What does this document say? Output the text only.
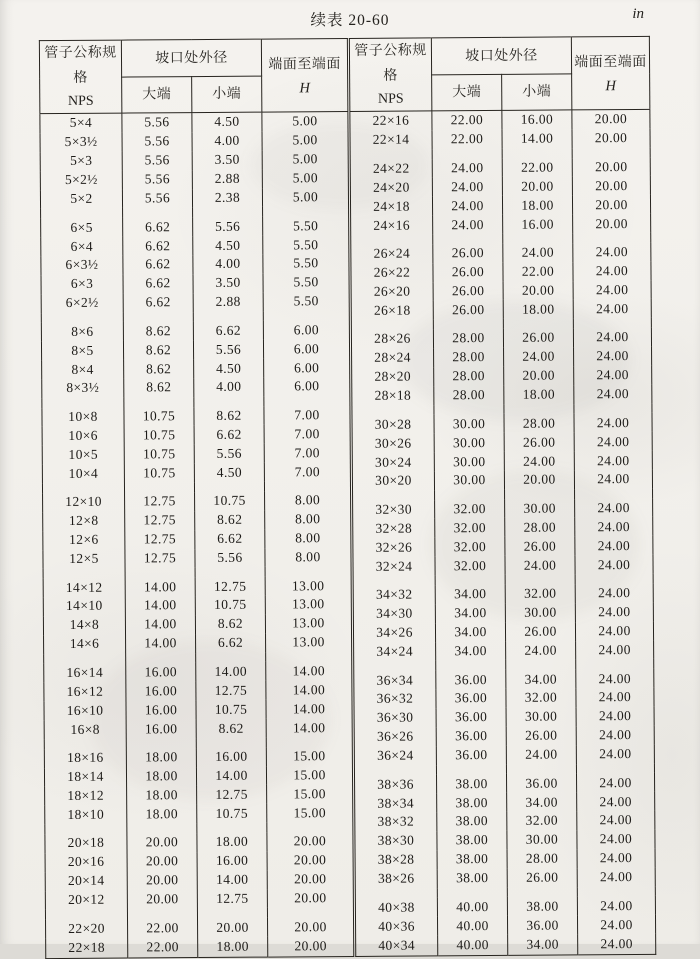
续表 20-60	in
管子公称规格
NPS

坡口处外径	端面至端面
H

	大端	小端	

5×4	5.56	4.50	5.00
5×3½	5.56	4.00	5.00
5×3	5.56	3.50	5.00
5×2½	5.56	2.88	5.00
5×2	5.56	2.38	5.00

6×5	6.62	5.56	5.50
6×4	6.62	4.50	5.50
6×3½	6.62	4.00	5.50
6×3	6.62	3.50	5.50
6×2½	6.62	2.88	5.50

8×6	8.62	6.62	6.00
8×5	8.62	5.56	6.00
8×4	8.62	4.50	6.00
8×3½	8.62	4.00	6.00

10×8	10.75	8.62	7.00
10×6	10.75	6.62	7.00
10×5	10.75	5.56	7.00
10×4	10.75	4.50	7.00

12×10	12.75	10.75	8.00
12×8	12.75	8.62	8.00
12×6	12.75	6.62	8.00
12×5	12.75	5.56	8.00

14×12	14.00	12.75	13.00
14×10	14.00	10.75	13.00
14×8	14.00	8.62	13.00
14×6	14.00	6.62	13.00

16×14	16.00	14.00	14.00
16×12	16.00	12.75	14.00
16×10	16.00	10.75	14.00
16×8	16.00	8.62	14.00

18×16	18.00	16.00	15.00
18×14	18.00	14.00	15.00
18×12	18.00	12.75	15.00
18×10	18.00	10.75	15.00

20×18	20.00	18.00	20.00
20×16	20.00	16.00	20.00
20×14	20.00	14.00	20.00
20×12	20.00	12.75	20.00

22×20	22.00	20.00	20.00
22×18	22.00	18.00	20.00
管子公称规格
NPS

坡口处外径	端面至端面
H

	大端	小端	

22×16	22.00	16.00	20.00
22×14	22.00	14.00	20.00

24×22	24.00	22.00	20.00
24×20	24.00	20.00	20.00
24×18	24.00	18.00	20.00
24×16	24.00	16.00	20.00

26×24	26.00	24.00	24.00
26×22	26.00	22.00	24.00
26×20	26.00	20.00	24.00
26×18	26.00	18.00	24.00

28×26	28.00	26.00	24.00
28×24	28.00	24.00	24.00
28×20	28.00	20.00	24.00
28×18	28.00	18.00	24.00

30×28	30.00	28.00	24.00
30×26	30.00	26.00	24.00
30×24	30.00	24.00	24.00
30×20	30.00	20.00	24.00

32×30	32.00	30.00	24.00
32×28	32.00	28.00	24.00
32×26	32.00	26.00	24.00
32×24	32.00	24.00	24.00

34×32	34.00	32.00	24.00
34×30	34.00	30.00	24.00
34×26	34.00	26.00	24.00
34×24	34.00	24.00	24.00

36×34	36.00	34.00	24.00
36×32	36.00	32.00	24.00
36×30	36.00	30.00	24.00
36×26	36.00	26.00	24.00
36×24	36.00	24.00	24.00

38×36	38.00	36.00	24.00
38×34	38.00	34.00	24.00
38×32	38.00	32.00	24.00
38×30	38.00	30.00	24.00
38×28	38.00	28.00	24.00
38×26	38.00	26.00	24.00

40×38	40.00	38.00	24.00
40×36	40.00	36.00	24.00
40×34	40.00	34.00	24.00
